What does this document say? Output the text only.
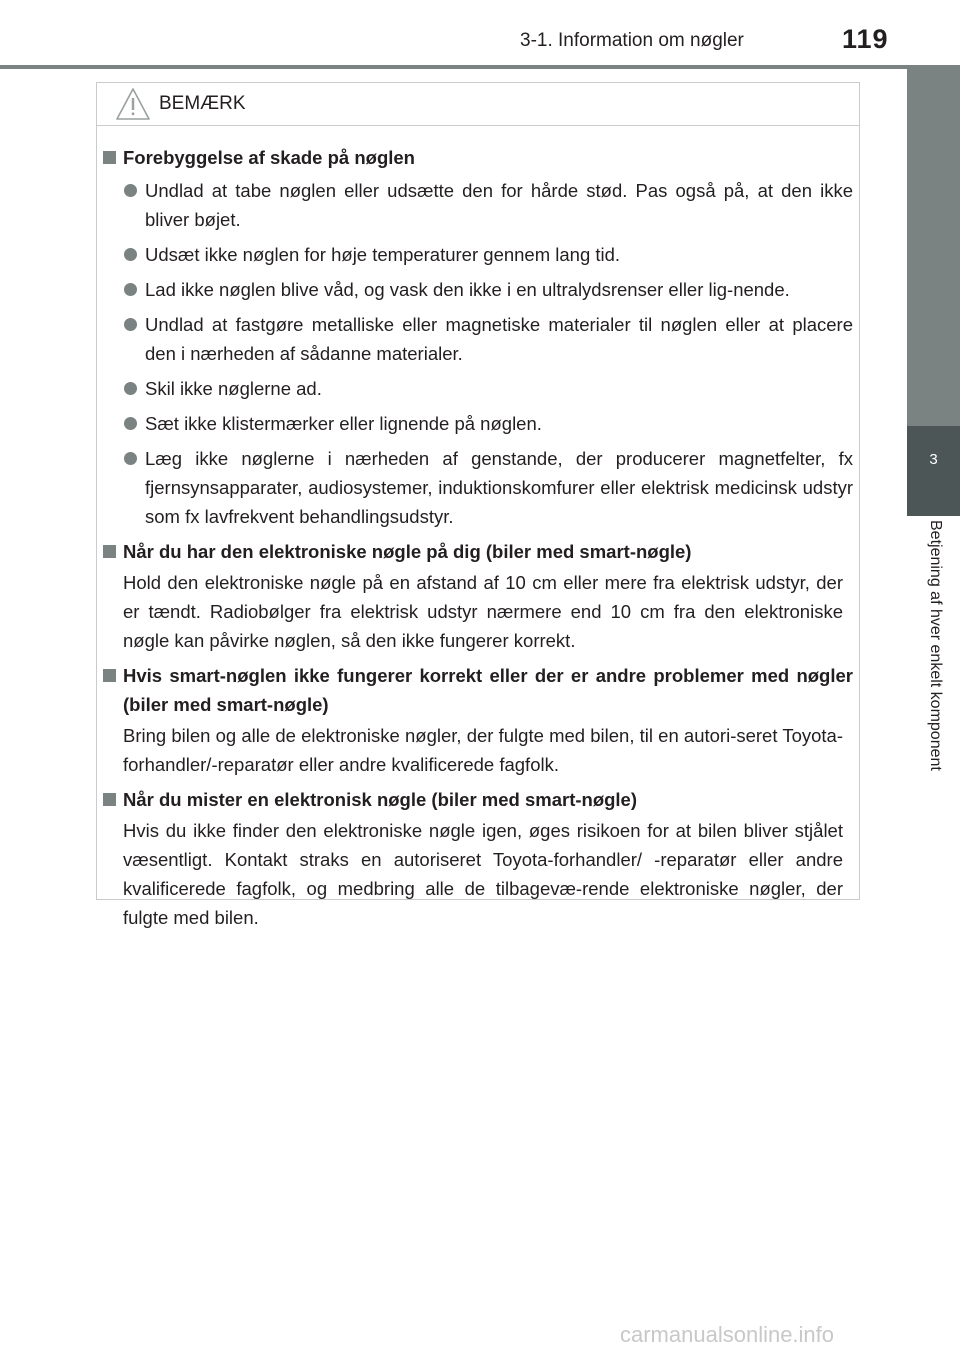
3-1. Information om nøgler	119
3
Betjening af hver enkelt komponent
BEMÆRK
Forebyggelse af skade på nøglen
Undlad at tabe nøglen eller udsætte den for hårde stød. Pas også på, at den ikke bliver bøjet.
Udsæt ikke nøglen for høje temperaturer gennem lang tid.
Lad ikke nøglen blive våd, og vask den ikke i en ultralydsrenser eller lig-nende.
Undlad at fastgøre metalliske eller magnetiske materialer til nøglen eller at placere den i nærheden af sådanne materialer.
Skil ikke nøglerne ad.
Sæt ikke klistermærker eller lignende på nøglen.
Læg ikke nøglerne i nærheden af genstande, der producerer magnetfelter, fx fjernsynsapparater, audiosystemer, induktionskomfurer eller elektrisk medicinsk udstyr som fx lavfrekvent behandlingsudstyr.
Når du har den elektroniske nøgle på dig (biler med smart-nøgle)
Hold den elektroniske nøgle på en afstand af 10 cm eller mere fra elektrisk udstyr, der er tændt. Radiobølger fra elektrisk udstyr nærmere end 10 cm fra den elektroniske nøgle kan påvirke nøglen, så den ikke fungerer korrekt.
Hvis smart-nøglen ikke fungerer korrekt eller der er andre problemer med nøgler (biler med smart-nøgle)
Bring bilen og alle de elektroniske nøgler, der fulgte med bilen, til en autori-seret Toyota-forhandler/-reparatør eller andre kvalificerede fagfolk.
Når du mister en elektronisk nøgle (biler med smart-nøgle)
Hvis du ikke finder den elektroniske nøgle igen, øges risikoen for at bilen bliver stjålet væsentligt. Kontakt straks en autoriseret Toyota-forhandler/ -reparatør eller andre kvalificerede fagfolk, og medbring alle de tilbagevæ-rende elektroniske nøgler, der fulgte med bilen.
carmanualsonline.info
